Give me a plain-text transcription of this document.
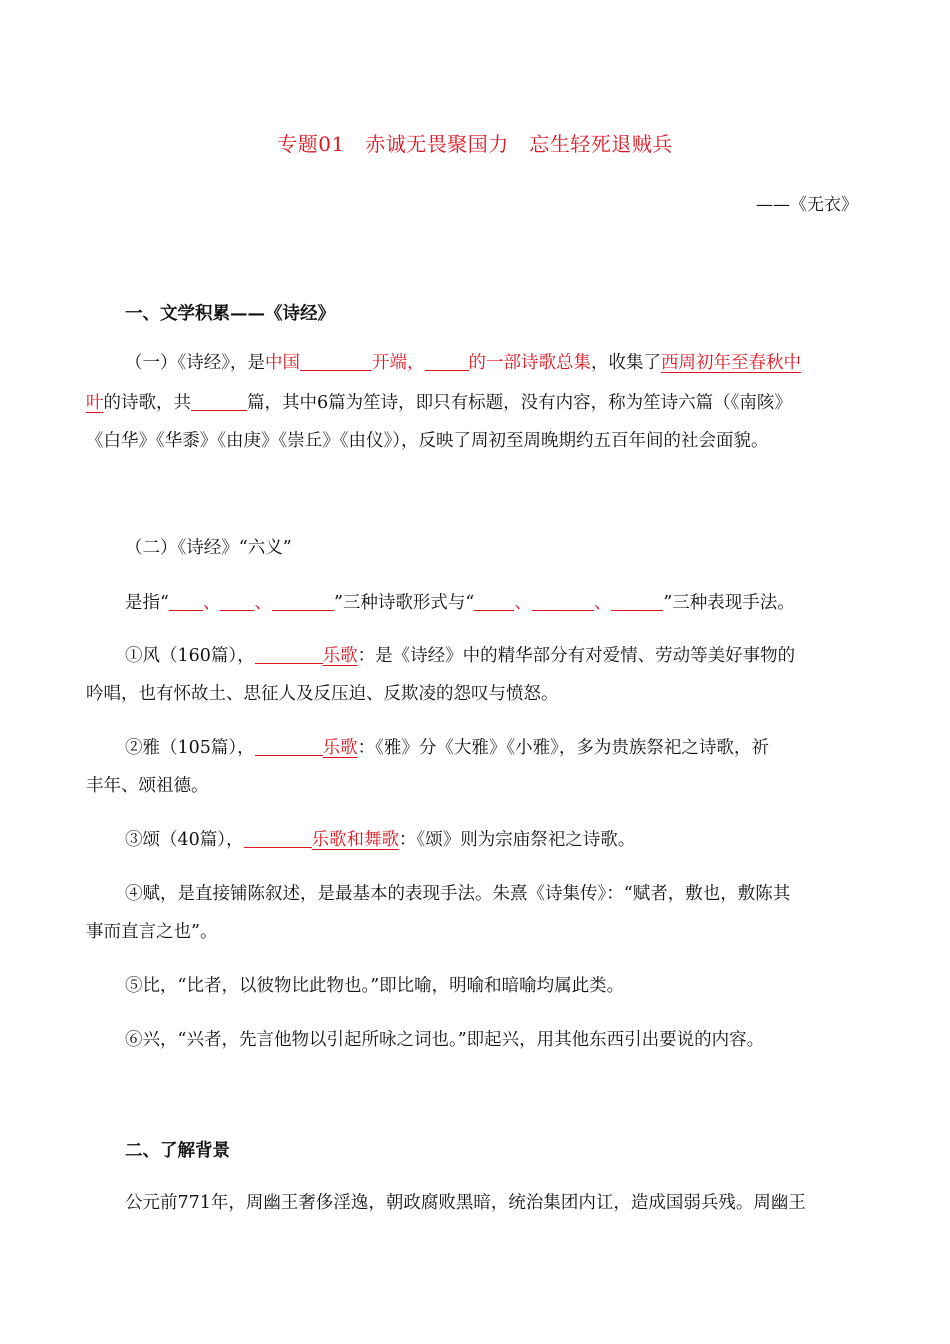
专题01　赤诚无畏聚国力　忘生轻死退贼兵
——《无衣》
一、文学积累——《诗经》
（一）《诗经》，是中国	开端，	的一部诗歌总集，收集了西周初年至春秋中
叶的诗歌，共	篇，其中6篇为笙诗，即只有标题，没有内容，称为笙诗六篇（《南陔》
《白华》《华黍》《由庚》《崇丘》《由仪》），反映了周初至周晚期约五百年间的社会面貌。
（二）《诗经》“六义”
是指“ 、 、	”三种诗歌形式与“ 、	、	”三种表现手法。
①风（160篇），	乐歌：是《诗经》中的精华部分有对爱情、劳动等美好事物的
吟唱，也有怀故土、思征人及反压迫、反欺凌的怨叹与愤怒。
②雅（105篇），	乐歌：《雅》分《大雅》《小雅》，多为贵族祭祀之诗歌，祈
丰年、颂祖德。
③颂（40篇），	乐歌和舞歌：《颂》则为宗庙祭祀之诗歌。
④赋，是直接铺陈叙述，是最基本的表现手法。朱熹《诗集传》：“赋者，敷也，敷陈其
事而直言之也”。
⑤比，“比者，以彼物比此物也。”即比喻，明喻和暗喻均属此类。
⑥兴，“兴者，先言他物以引起所咏之词也。”即起兴，用其他东西引出要说的内容。
二、了解背景
公元前771年，周幽王奢侈淫逸，朝政腐败黑暗，统治集团内讧，造成国弱兵残。周幽王
